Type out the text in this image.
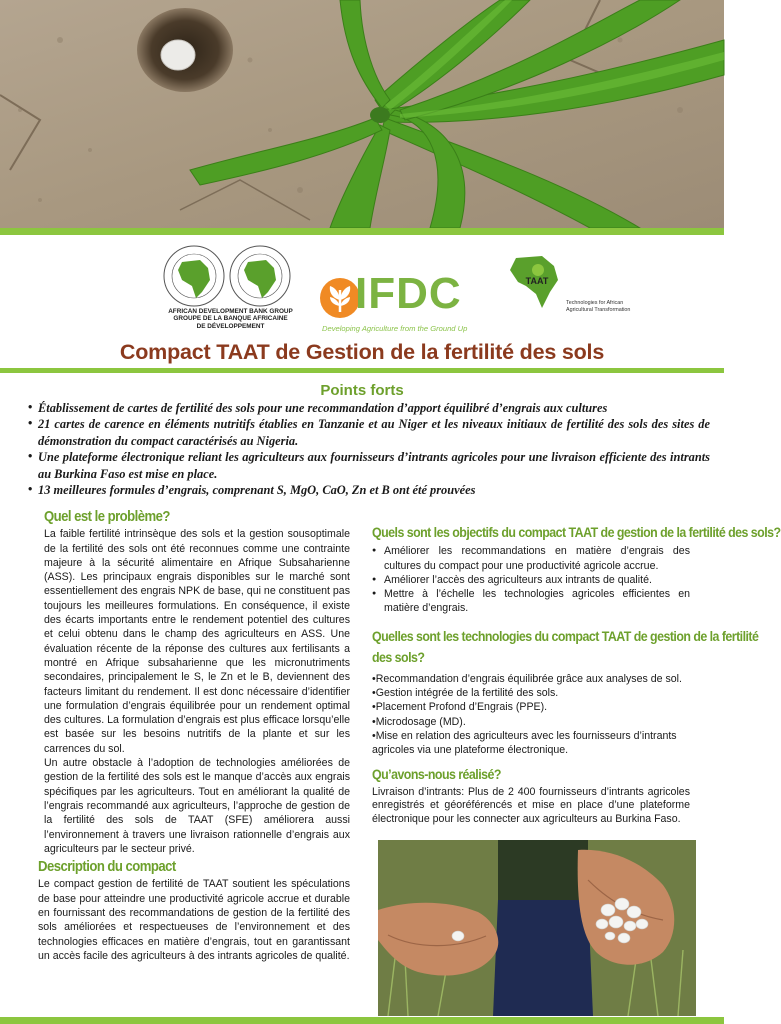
AFRICAN DEVELOPMENT BANK GROUP
GROUPE DE LA BANQUE AFRICAINE
DE DÉVELOPPEMENT
IFDC
Developing Agriculture from the Ground Up
TAAT
Technologies for African
Agricultural Transformation
Compact TAAT de Gestion de la fertilité des sols
Points forts
• Établissement de cartes de fertilité des sols pour une recommandation d’apport équilibré d’engrais aux cultures
• 21 cartes de carence en éléments nutritifs établies en Tanzanie et au Niger et les niveaux initiaux de fertilité des sols des sites de démonstration du compact caractérisés au Nigeria.
• Une plateforme électronique reliant les agriculteurs aux fournisseurs d’intrants agricoles pour une livraison efficiente des intrants au Burkina Faso est mise en place.
• 13 meilleures formules d’engrais, comprenant S, MgO, CaO, Zn et B ont été prouvées
Quel est le problème?

La faible fertilité intrinsèque des sols et la gestion sousoptimale de la fertilité des sols ont été reconnues comme une contrainte majeure à la sécurité alimentaire en Afrique Subsaharienne (ASS). Les principaux engrais disponibles sur le marché sont essentiellement des engrais NPK de base, qui ne constituent pas toujours les meilleures formulations. En conséquence, il existe des écarts importants entre le rendement potentiel des cultures et celui obtenu dans le champ des agriculteurs en ASS. Une évaluation récente de la réponse des cultures aux fertilisants a montré en Afrique subsaharienne que les micronutriments secondaires, principalement le S, le Zn et le B, deviennent des facteurs limitant du rendement. Il est donc nécessaire d’identifier une formulation d’engrais équilibrée pour un rendement optimal des cultures. La formulation d’engrais est plus efficace lorsqu’elle est basée sur les besoins nutritifs de la plante et sur les carrences du sol.

Un autre obstacle à l’adoption de technologies améliorées de gestion de la fertilité des sols est le manque d’accès aux engrais spécifiques par les agriculteurs. Tout en améliorant la qualité de l’engrais recommandé aux agriculteurs, l’approche de gestion de la fertilité des sols de TAAT (SFE) améliorera aussi l’environnement à travers une livraison rationnelle d’engrais aux agriculteurs par le secteur privé.

Description du compact

Le compact gestion de fertilité de TAAT soutient les spéculations de base pour atteindre une productivité agricole accrue et durable en fournissant des recommandations de gestion de la fertilité des sols améliorées et respectueuses de l’environnement et des technologies efficaces en matière d’engrais, tout en garantissant un accès facile des agriculteurs à des intrants agricoles de qualité.

Quels sont les objectifs du compact TAAT de gestion de la fertilité des sols?
● Améliorer les recommandations en matière d’engrais des cultures du compact pour une productivité agricole accrue.
● Améliorer l’accès des agriculteurs aux intrants de qualité.
● Mettre à l’échelle les technologies agricoles efficientes en matière d’engrais.
Quelles sont les technologies du compact TAAT de gestion de la fertilité
des sols?
•Recommandation d’engrais équilibrée grâce aux analyses de sol.
•Gestion intégrée de la fertilité des sols.
•Placement Profond d’Engrais (PPE).
•Microdosage (MD).
•Mise en relation des agriculteurs avec les fournisseurs d’intrants agricoles via une plateforme électronique.
Qu’avons-nous réalisé?

Livraison d’intrants: Plus de 2 400 fournisseurs d’intrants agricoles enregistrés et géoréférencés et mise en place d’une plateforme électronique pour les connecter aux agriculteurs au Burkina Faso.
